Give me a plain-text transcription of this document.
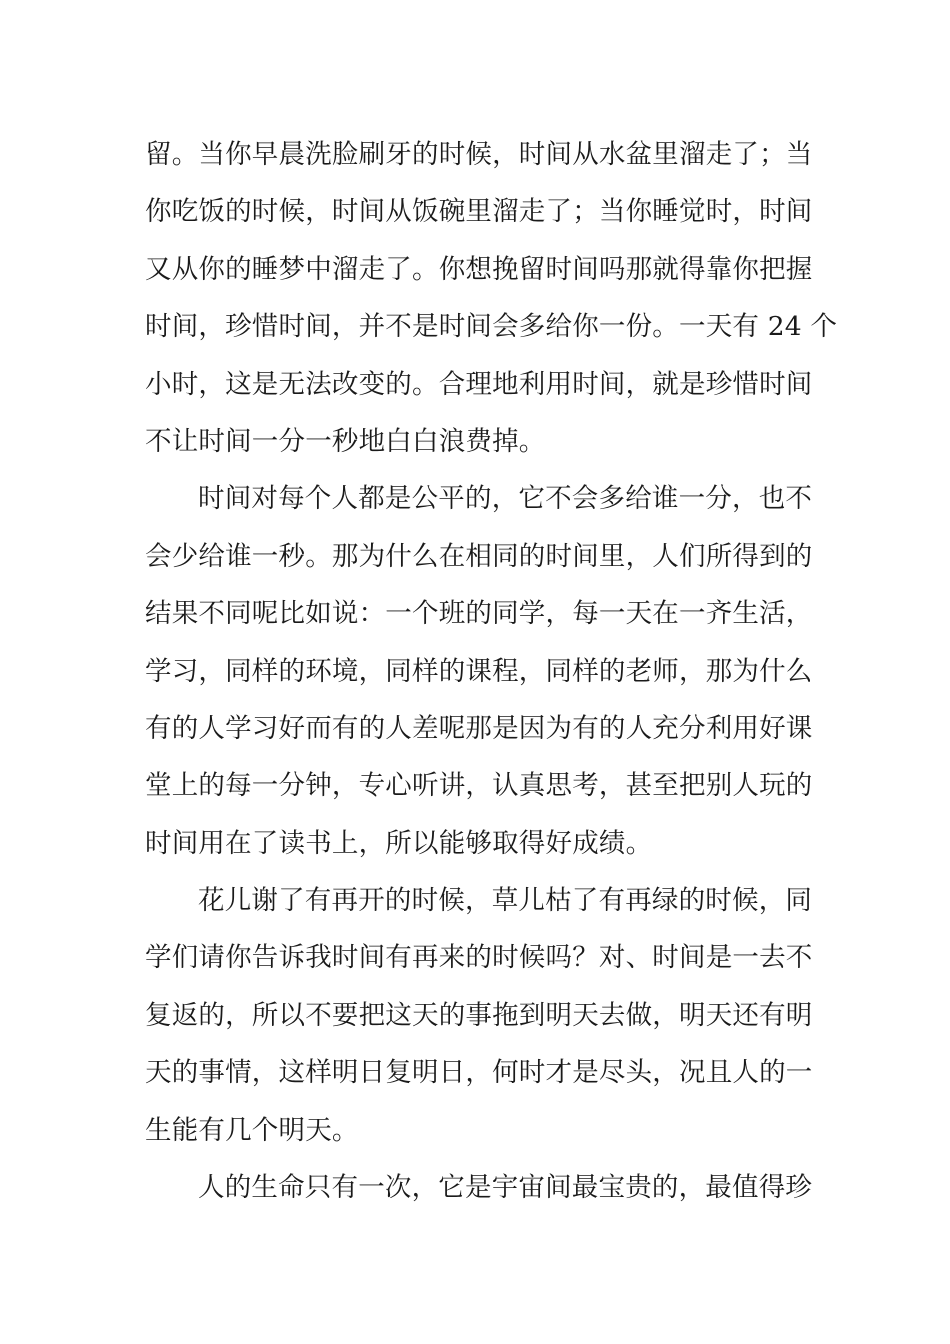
留。当你早晨洗脸刷牙的时候，时间从水盆里溜走了；当
你吃饭的时候，时间从饭碗里溜走了；当你睡觉时，时间
又从你的睡梦中溜走了。你想挽留时间吗那就得靠你把握
时间，珍惜时间，并不是时间会多给你一份。一天有 24 个
小时，这是无法改变的。合理地利用时间，就是珍惜时间
不让时间一分一秒地白白浪费掉。
时间对每个人都是公平的，它不会多给谁一分，也不
会少给谁一秒。那为什么在相同的时间里，人们所得到的
结果不同呢比如说：一个班的同学，每一天在一齐生活，
学习，同样的环境，同样的课程，同样的老师，那为什么
有的人学习好而有的人差呢那是因为有的人充分利用好课
堂上的每一分钟，专心听讲，认真思考，甚至把别人玩的
时间用在了读书上，所以能够取得好成绩。
花儿谢了有再开的时候，草儿枯了有再绿的时候，同
学们请你告诉我时间有再来的时候吗？对、时间是一去不
复返的，所以不要把这天的事拖到明天去做，明天还有明
天的事情，这样明日复明日，何时才是尽头，况且人的一
生能有几个明天。
人的生命只有一次，它是宇宙间最宝贵的，最值得珍
